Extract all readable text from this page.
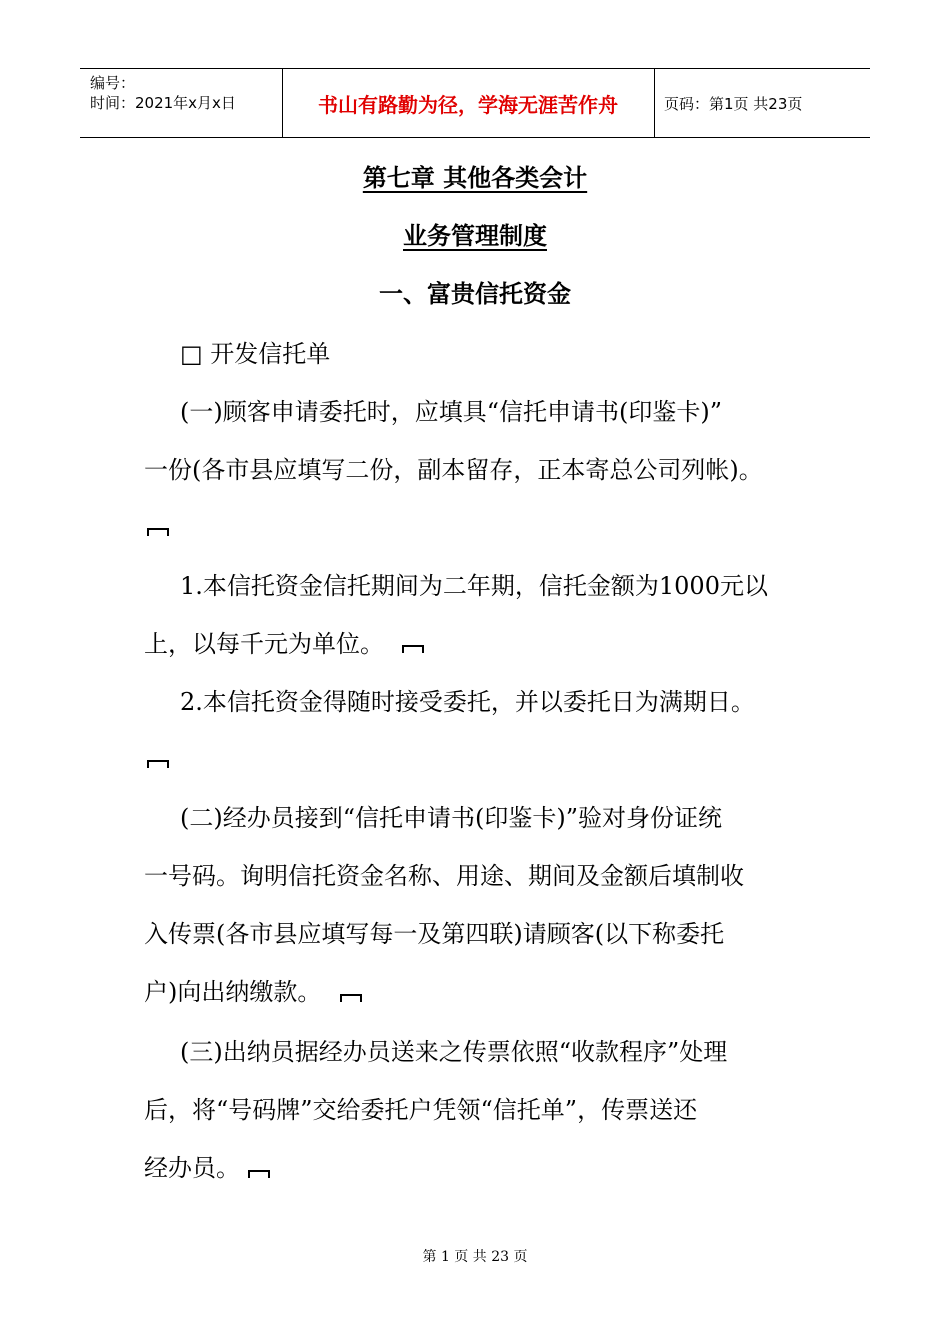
编号：
时间：2021年x月x日	书山有路勤为径，学海无涯苦作舟	页码：第1页 共23页
第七章 其他各类会计
业务管理制度
一、富贵信托资金
□ 开发信托单
(一)顾客申请委托时，应填具“信托申请书(印鉴卡)”
一份(各市县应填写二份，副本留存，正本寄总公司列帐)。
1.本信托资金信托期间为二年期，信托金额为1000元以
上，以每千元为单位。
2.本信托资金得随时接受委托，并以委托日为满期日。
(二)经办员接到“信托申请书(印鉴卡)”验对身份证统
一号码。询明信托资金名称、用途、期间及金额后填制收
入传票(各市县应填写每一及第四联)请顾客(以下称委托
户)向出纳缴款。
(三)出纳员据经办员送来之传票依照“收款程序”处理
后，将“号码牌”交给委托户凭领“信托单”，传票送还
经办员。
第 1 页 共 23 页
